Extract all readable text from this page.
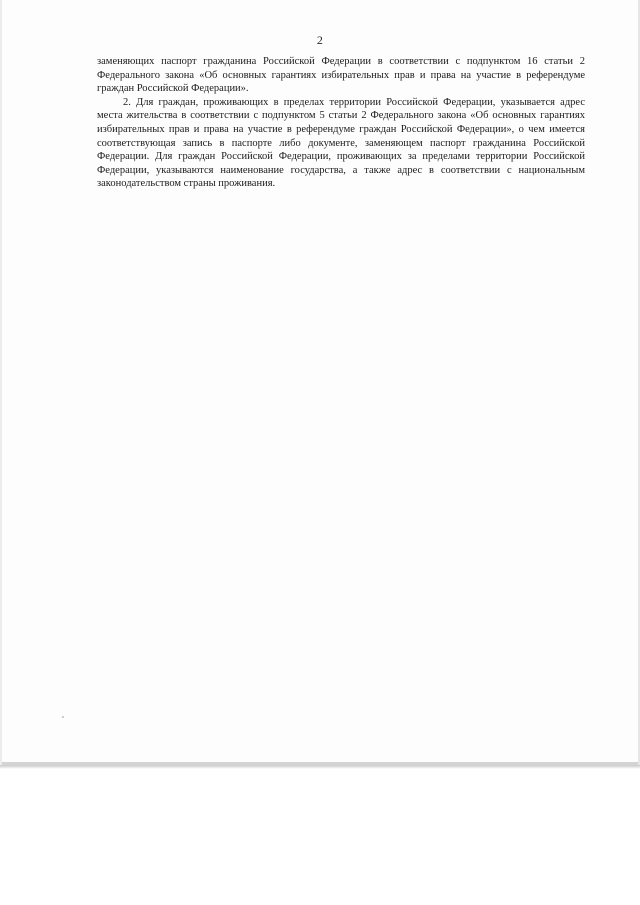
2

заменяющих паспорт гражданина Российской Федерации в соответствии с подпунктом 16 статьи 2 Федерального закона «Об основных гарантиях избирательных прав и права на участие в референдуме граждан Российской Федерации».

2. Для граждан, проживающих в пределах территории Российской Федерации, указывается адрес места жительства в соответствии с подпунктом 5 статьи 2 Федерального закона «Об основных гарантиях избирательных прав и права на участие в референдуме граждан Российской Федерации», о чем имеется соответствующая запись в паспорте либо документе, заменяющем паспорт гражданина Российской Федерации. Для граждан Российской Федерации, проживающих за пределами территории Российской Федерации, указываются наименование государства, а также адрес в соответствии с национальным законодательством страны проживания.
